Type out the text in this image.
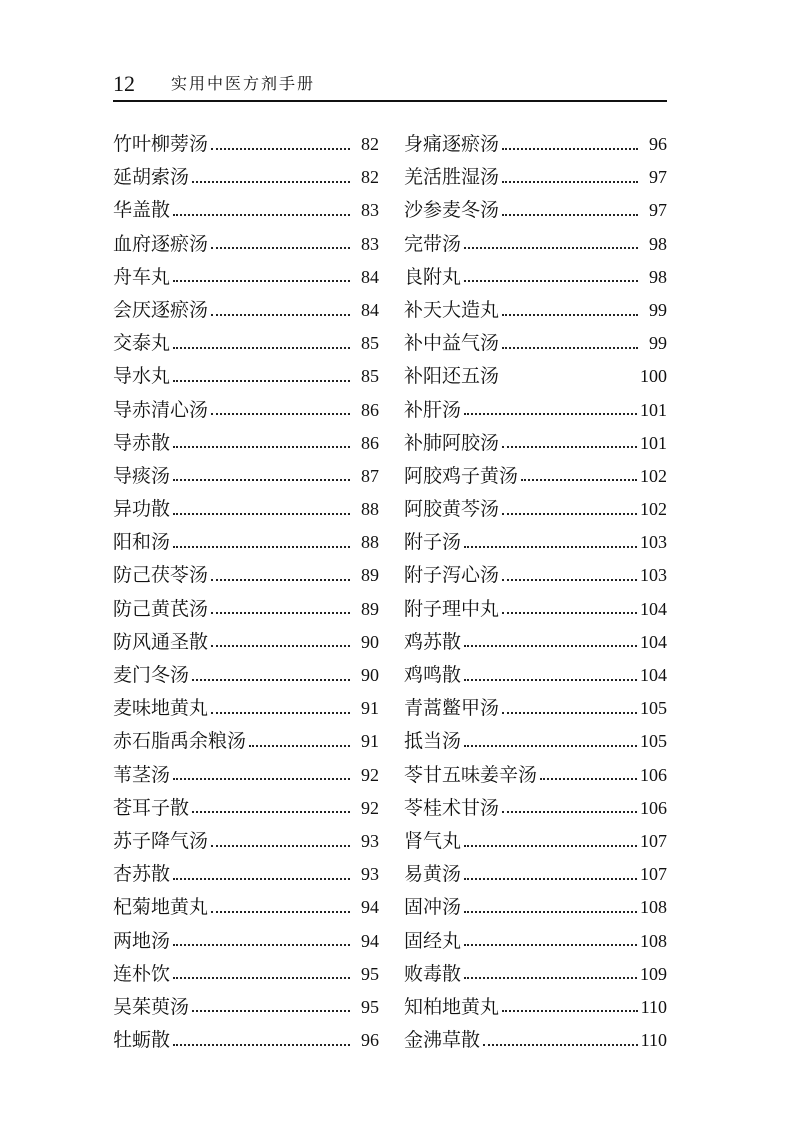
12 实用中医方剂手册
竹叶柳蒡汤	82
延胡索汤	82
华盖散	83
血府逐瘀汤	83
舟车丸	84
会厌逐瘀汤	84
交泰丸	85
导水丸	85
导赤清心汤	86
导赤散	86
导痰汤	87
异功散	88
阳和汤	88
防己茯苓汤	89
防己黄芪汤	89
防风通圣散	90
麦门冬汤	90
麦味地黄丸	91
赤石脂禹余粮汤	91
苇茎汤	92
苍耳子散	92
苏子降气汤	93
杏苏散	93
杞菊地黄丸	94
两地汤	94
连朴饮	95
吴茱萸汤	95
牡蛎散	96
身痛逐瘀汤	96
羌活胜湿汤	97
沙参麦冬汤	97
完带汤	98
良附丸	98
补天大造丸	99
补中益气汤	99
补阳还五汤	100
补肝汤	101
补肺阿胶汤	101
阿胶鸡子黄汤	102
阿胶黄芩汤	102
附子汤	103
附子泻心汤	103
附子理中丸	104
鸡苏散	104
鸡鸣散	104
青蒿鳖甲汤	105
抵当汤	105
苓甘五味姜辛汤	106
苓桂术甘汤	106
肾气丸	107
易黄汤	107
固冲汤	108
固经丸	108
败毒散	109
知柏地黄丸	110
金沸草散	110
